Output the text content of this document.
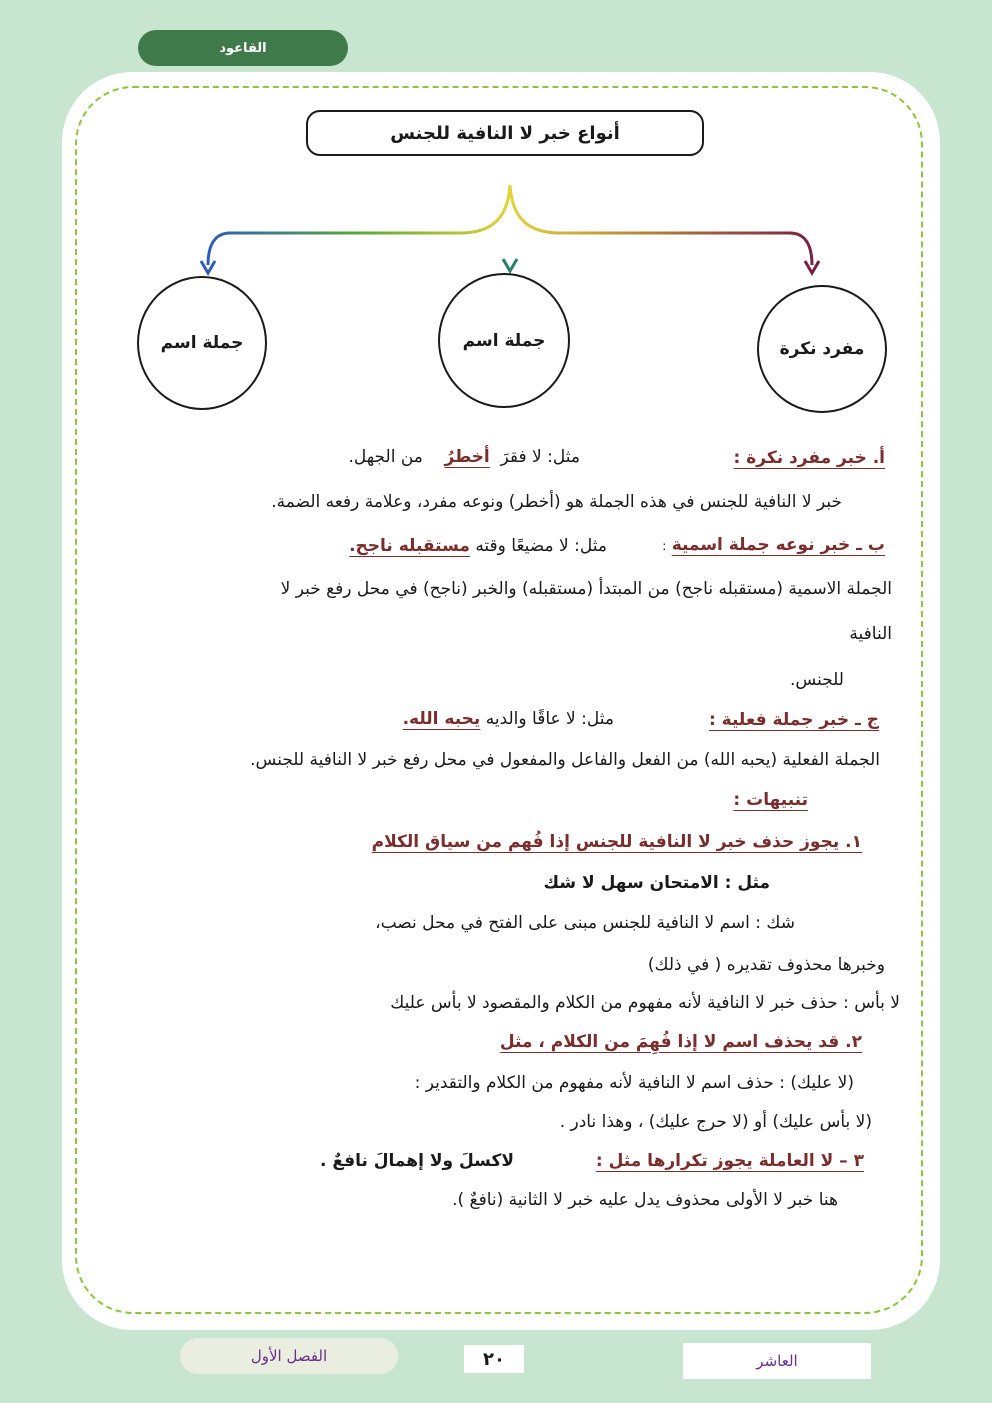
القاعود
أنواع خبر لا النافية للجنس
مفرد نكرة
جملة اسم
جملة اسم
أ. خبر مفرد نكرة :
مثل: لا فقرَ  أخطرُ    من الجهل.
خبر لا النافية للجنس في هذه الجملة هو (أخطر) ونوعه مفرد، وعلامة رفعه الضمة.
ب ـ خبر نوعه جملة اسمية :
مثل: لا مضيعًا وقته مستقبله ناجح.
الجملة الاسمية (مستقبله ناجح) من المبتدأ (مستقبله) والخبر (ناجح) في محل رفع خبر لا
النافية
للجنس.
ج ـ خبر جملة فعلية :
مثل: لا عاقًا والديه يحبه الله.
الجملة الفعلية (يحبه الله) من الفعل والفاعل والمفعول في محل رفع خبر لا النافية للجنس.
تنبيهات :
١. يجوز حذف خبر لا النافية للجنس إذا فُهم من سياق الكلام
مثل : الامتحان سهل لا شك
شك : اسم لا النافية للجنس مبنى على الفتح في محل نصب،
وخبرها محذوف تقديره ( في ذلك)
لا بأس : حذف خبر لا النافية لأنه مفهوم من الكلام والمقصود لا بأس عليك
٢. قد يحذف اسم لا إذا فُهِمَ من الكلام ، مثل
(لا عليك) : حذف اسم لا النافية لأنه مفهوم من الكلام والتقدير :
(لا بأس عليك) أو (لا حرج عليك) ، وهذا نادر .
٣ – لا العاملة يجوز تكرارها مثل :
لاكسلَ ولا إهمالَ نافعٌ .
هنا خبر لا الأولى محذوف يدل عليه خبر لا الثانية (نافعٌ ).
الفصل الأول	٢٠	العاشر
